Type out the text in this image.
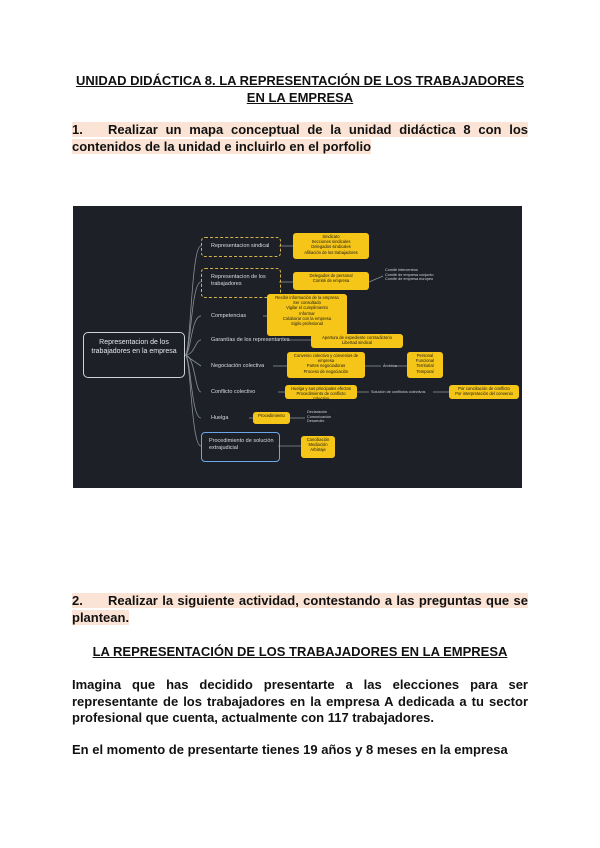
UNIDAD DIDÁCTICA 8. LA REPRESENTACIÓN DE LOS TRABAJADORES EN LA EMPRESA
1. Realizar un mapa conceptual de la unidad didáctica 8 con los contenidos de la unidad e incluirlo en el porfolio
Representacion de los trabajadores en la empresa
Representacion sindical
Sindicato
Secciones sindicales
Delegados sindicales
Afiliación de los trabajadores
Representacion de los trabajadores
Delegados de personal
Comité de empresa
Comité intercentros
Comité de empresa conjunto
Comité de empresa europeo
Competencias
Recibir información de la empresa
Ser consultado
Vigilar el cumplimiento
Informar
Colaborar con la empresa
Sigilo profesional
Garantías de los representantes	Apertura de expediente contradictorio
Libertad sindical
Negociación colectiva
Convenio colectivo y convenios de empresa
Partes negociadoras
Proceso de negociación
Ámbitos
Personal
Funcional
Territorial
Temporal
Conflicto colectivo
Huelga y sus principales efectos
Procedimiento de conflicto colectivo
Solución de conflictos colectivos
Por conciliación de conflicto
Por interpretación del convenio
Huelga	Procedimiento
Declaración
Comunicación
Desarrollo
Procedimiento de solución extrajudicial
Conciliación
Mediación
Arbitraje
2. Realizar la siguiente actividad, contestando a las preguntas que se plantean.
LA REPRESENTACIÓN DE LOS TRABAJADORES EN LA EMPRESA
Imagina que has decidido presentarte a las elecciones para ser representante de los trabajadores en la empresa A dedicada a tu sector profesional que cuenta, actualmente con 117 trabajadores.
En el momento de presentarte tienes 19 años y 8 meses en la empresa
